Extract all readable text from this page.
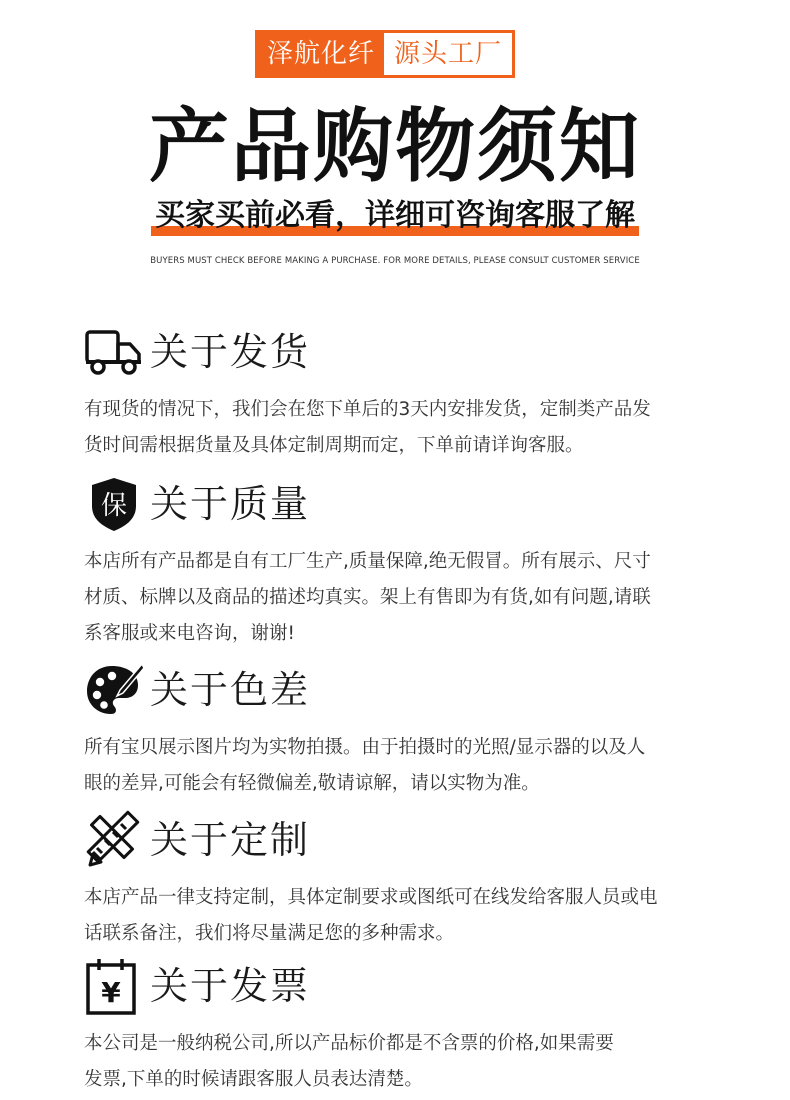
泽航化纤 源头工厂
产品购物须知
买家买前必看，详细可咨询客服了解
BUYERS MUST CHECK BEFORE MAKING A PURCHASE. FOR MORE DETAILS, PLEASE CONSULT CUSTOMER SERVICE
关于发货

有现货的情况下，我们会在您下单后的3天内安排发货，定制类产品发

货时间需根据货量及具体定制周期而定，下单前请详询客服。

保 关于质量

本店所有产品都是自有工厂生产,质量保障,绝无假冒。所有展示、尺寸

材质、标牌以及商品的描述均真实。架上有售即为有货,如有问题,请联

系客服或来电咨询，谢谢!

关于色差

所有宝贝展示图片均为实物拍摄。由于拍摄时的光照/显示器的以及人

眼的差异,可能会有轻微偏差,敬请谅解，请以实物为准。

关于定制

本店产品一律支持定制，具体定制要求或图纸可在线发给客服人员或电

话联系备注，我们将尽量满足您的多种需求。

¥ 关于发票

本公司是一般纳税公司,所以产品标价都是不含票的价格,如果需要

发票,下单的时候请跟客服人员表达清楚。
